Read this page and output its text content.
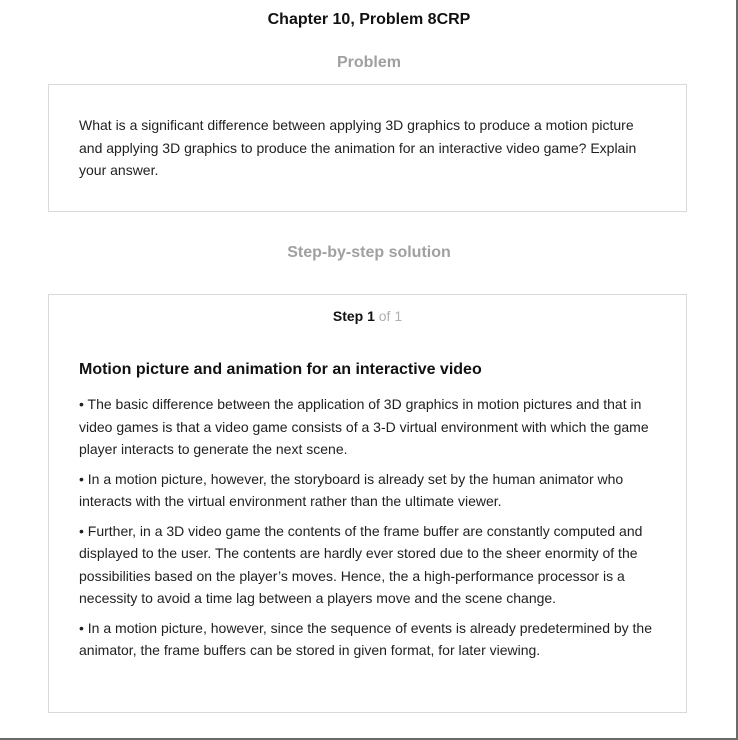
Chapter 10, Problem 8CRP
Problem

What is a significant difference between applying 3D graphics to produce a motion picture and applying 3D graphics to produce the animation for an interactive video game? Explain your answer.

Step-by-step solution
Step 1 of 1
Motion picture and animation for an interactive video

• The basic difference between the application of 3D graphics in motion pictures and that in video games is that a video game consists of a 3-D virtual environment with which the game player interacts to generate the next scene.

• In a motion picture, however, the storyboard is already set by the human animator who interacts with the virtual environment rather than the ultimate viewer.

• Further, in a 3D video game the contents of the frame buffer are constantly computed and displayed to the user. The contents are hardly ever stored due to the sheer enormity of the possibilities based on the player’s moves. Hence, the a high-performance processor is a necessity to avoid a time lag between a players move and the scene change.

• In a motion picture, however, since the sequence of events is already predetermined by the animator, the frame buffers can be stored in given format, for later viewing.
